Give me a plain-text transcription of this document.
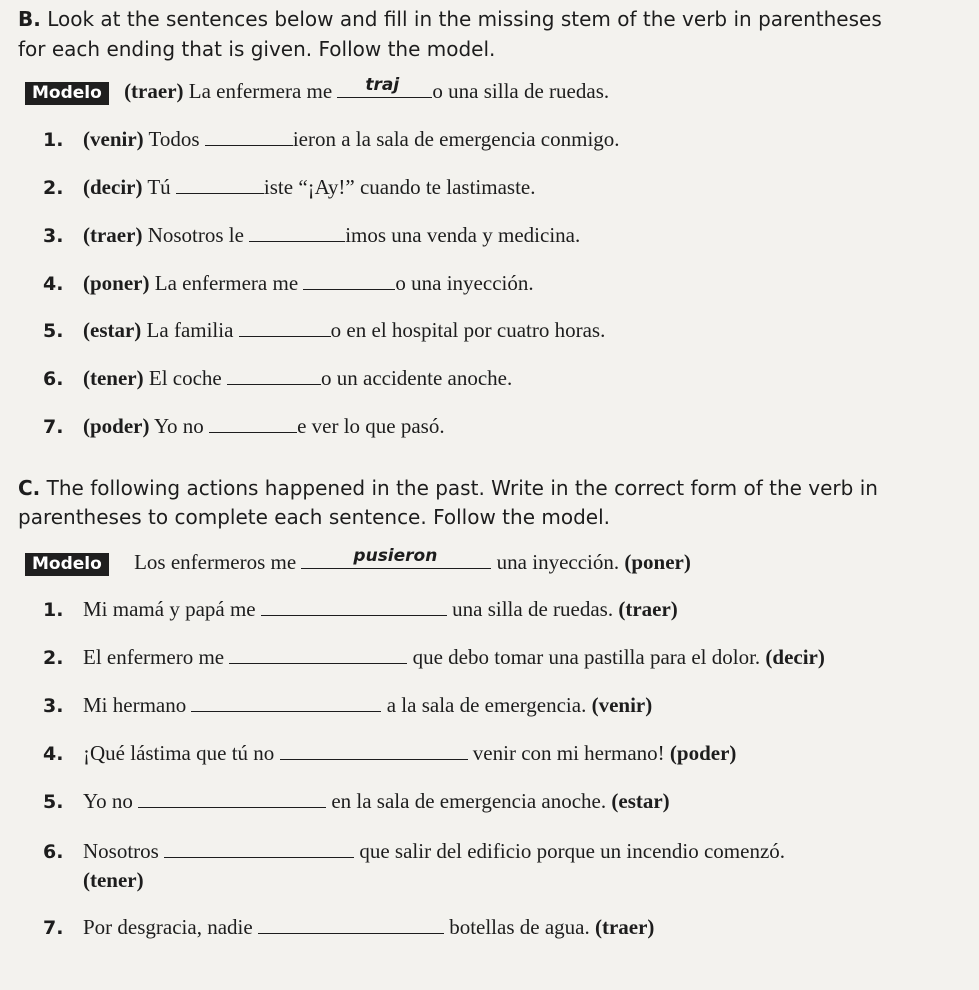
B. Look at the sentences below and fill in the missing stem of the verb in parentheses
for each ending that is given. Follow the model.
Modelo (traer) La enfermera me traj o una silla de ruedas.
1. (venir) Todos	ieron a la sala de emergencia conmigo.
2. (decir) Tú	iste “¡Ay!” cuando te lastimaste.
3. (traer) Nosotros le	imos una venda y medicina.
4. (poner) La enfermera me	o una inyección.
5. (estar) La familia	o en el hospital por cuatro horas.
6. (tener) El coche	o un accidente anoche.
7. (poder) Yo no	e ver lo que pasó.
C. The following actions happened in the past. Write in the correct form of the verb in
parentheses to complete each sentence. Follow the model.
Modelo Los enfermeros me	pusieron	una inyección. (poner)
1. Mi mamá y papá me	una silla de ruedas. (traer)
2. El enfermero me	que debo tomar una pastilla para el dolor. (decir)
3. Mi hermano	a la sala de emergencia. (venir)
4. ¡Qué lástima que tú no	venir con mi hermano! (poder)
5. Yo no	en la sala de emergencia anoche. (estar)
6. Nosotros	que salir del edificio porque un incendio comenzó.
(tener)
7. Por desgracia, nadie	botellas de agua. (traer)
